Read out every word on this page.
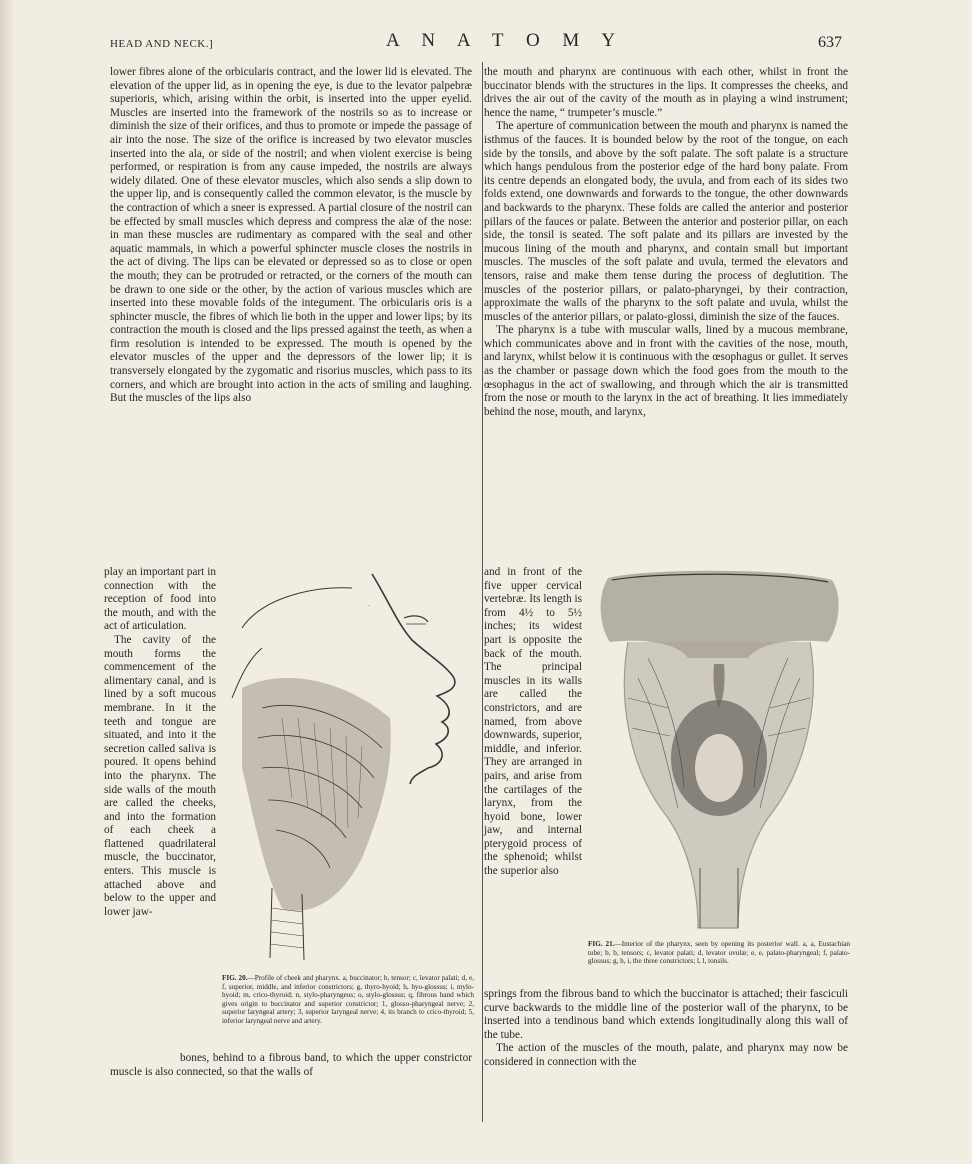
HEAD AND NECK.]	A N A T O M Y	637

lower fibres alone of the orbicularis contract, and the lower lid is elevated. The elevation of the upper lid, as in opening the eye, is due to the levator palpebræ superioris, which, arising within the orbit, is inserted into the upper eyelid. Muscles are inserted into the framework of the nostrils so as to increase or diminish the size of their orifices, and thus to promote or impede the passage of air into the nose. The size of the orifice is increased by two elevator muscles inserted into the ala, or side of the nostril; and when violent exercise is being performed, or respiration is from any cause impeded, the nostrils are always widely dilated. One of these elevator muscles, which also sends a slip down to the upper lip, and is consequently called the common elevator, is the muscle by the contraction of which a sneer is expressed. A partial closure of the nostril can be effected by small muscles which depress and compress the alæ of the nose: in man these muscles are rudimentary as compared with the seal and other aquatic mammals, in which a powerful sphincter muscle closes the nostrils in the act of diving. The lips can be elevated or depressed so as to close or open the mouth; they can be protruded or retracted, or the corners of the mouth can be drawn to one side or the other, by the action of various muscles which are inserted into these movable folds of the integument. The orbicularis oris is a sphincter muscle, the fibres of which lie both in the upper and lower lips; by its contraction the mouth is closed and the lips pressed against the teeth, as when a firm resolution is intended to be expressed. The mouth is opened by the elevator muscles of the upper and the depressors of the lower lip; it is transversely elongated by the zygomatic and risorius muscles, which pass to its corners, and which are brought into action in the acts of smiling and laughing. But the muscles of the lips also

play an important part in connection with the reception of food into the mouth, and with the act of articulation.

The cavity of the mouth forms the commencement of the alimentary canal, and is lined by a soft mucous membrane. In it the teeth and tongue are situated, and into it the secretion called saliva is poured. It opens behind into the pharynx. The side walls of the mouth are called the cheeks, and into the formation of each cheek a flattened quadrilateral muscle, the buccinator, enters. This muscle is attached above and below to the upper and lower jaw-

·
FIG. 20.—Profile of cheek and pharynx. a, buccinator; b, tensor; c, levator palati; d, e, f, superior, middle, and inferior constrictors; g, thyro-hyoid; h, hyo-glossus; i, mylo-hyoid; m, crico-thyroid; n, stylo-pharyngeus; o, stylo-glossus; q, fibrous band which gives origin to buccinator and superior constrictor; 1, glosso-pharyngeal nerve; 2, superior laryngeal artery; 3, superior laryngeal nerve; 4, its branch to crico-thyroid; 5, inferior laryngeal nerve and artery.

bones, behind to a fibrous band, to which the upper constrictor muscle is also connected, so that the walls of

the mouth and pharynx are continuous with each other, whilst in front the buccinator blends with the structures in the lips. It compresses the cheeks, and drives the air out of the cavity of the mouth as in playing a wind instrument; hence the name, “ trumpeter’s muscle.”

The aperture of communication between the mouth and pharynx is named the isthmus of the fauces. It is bounded below by the root of the tongue, on each side by the tonsils, and above by the soft palate. The soft palate is a structure which hangs pendulous from the posterior edge of the hard bony palate. From its centre depends an elongated body, the uvula, and from each of its sides two folds extend, one downwards and forwards to the tongue, the other downwards and backwards to the pharynx. These folds are called the anterior and posterior pillars of the fauces or palate. Between the anterior and posterior pillar, on each side, the tonsil is seated. The soft palate and its pillars are invested by the mucous lining of the mouth and pharynx, and contain small but important muscles. The muscles of the soft palate and uvula, termed the elevators and tensors, raise and make them tense during the process of deglutition. The muscles of the posterior pillars, or palato-pharyngei, by their contraction, approximate the walls of the pharynx to the soft palate and uvula, whilst the muscles of the anterior pillars, or palato-glossi, diminish the size of the fauces.

The pharynx is a tube with muscular walls, lined by a mucous membrane, which communicates above and in front with the cavities of the nose, mouth, and larynx, whilst below it is continuous with the œsophagus or gullet. It serves as the chamber or passage down which the food goes from the mouth to the œsophagus in the act of swallowing, and through which the air is transmitted from the nose or mouth to the larynx in the act of breathing. It lies immediately behind the nose, mouth, and larynx,

and in front of the five upper cervical vertebræ. Its length is from 4½ to 5½ inches; its widest part is opposite the back of the mouth. The principal muscles in its walls are called the constrictors, and are named, from above downwards, superior, middle, and inferior. They are arranged in pairs, and arise from the cartilages of the larynx, from the hyoid bone, lower jaw, and internal pterygoid process of the sphenoid; whilst the superior also

FIG. 21.—Interior of the pharynx, seen by opening its posterior wall. a, a, Eustachian tube; b, b, tensors; c, levator palati; d, levator uvulæ; e, e, palato-pharyngeal; f, palato-glossus; g, h, i, the three constrictors; l, l, tonsils.

springs from the fibrous band to which the buccinator is attached; their fasciculi curve backwards to the middle line of the posterior wall of the pharynx, to be inserted into a tendinous band which extends longitudinally along this wall of the tube.

The action of the muscles of the mouth, palate, and pharynx may now be considered in connection with the
